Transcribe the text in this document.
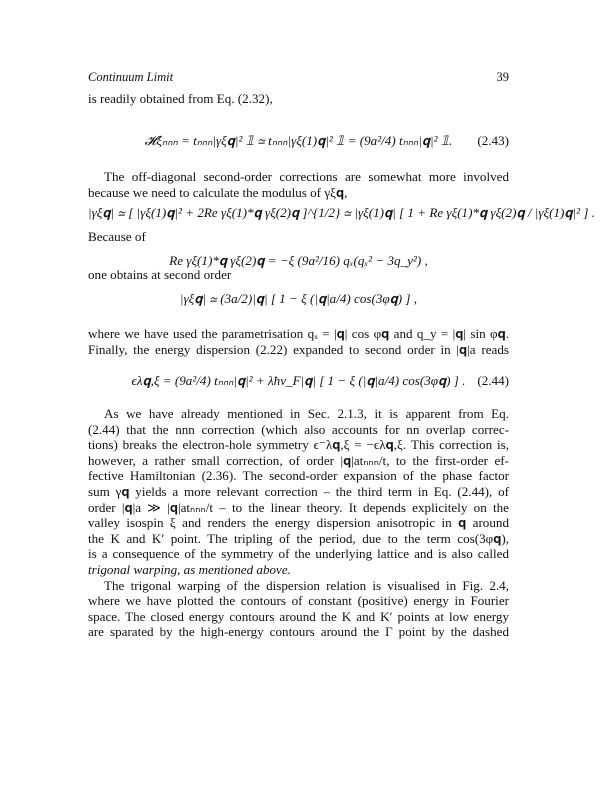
Continuum Limit	39
is readily obtained from Eq. (2.32),
𝓗ξₙₙₙ = tₙₙₙ|γξ𝐪|² 𝟙 ≃ tₙₙₙ|γξ(1)𝐪|² 𝟙 = (9a²/4) tₙₙₙ|𝐪|² 𝟙.	(2.43)
The off-diagonal second-order corrections are somewhat more involved
because we need to calculate the modulus of γξ𝐪,
|γξ𝐪| ≃ [ |γξ(1)𝐪|² + 2Re γξ(1)*𝐪 γξ(2)𝐪 ]^{1/2} ≃ |γξ(1)𝐪| [ 1 + Re γξ(1)*𝐪 γξ(2)𝐪 / |γξ(1)𝐪|² ] .
Because of
Re γξ(1)*𝐪 γξ(2)𝐪 = −ξ (9a²/16) qₓ(qₓ² − 3q_y²) ,
one obtains at second order
|γξ𝐪| ≃ (3a/2)|𝐪| [ 1 − ξ (|𝐪|a/4) cos(3φ𝐪) ] ,
where we have used the parametrisation qₓ = |𝐪| cos φ𝐪 and q_y = |𝐪| sin φ𝐪.
Finally, the energy dispersion (2.22) expanded to second order in |𝐪|a reads
ϵλ𝐪,ξ = (9a²/4) tₙₙₙ|𝐪|² + λħv_F|𝐪| [ 1 − ξ (|𝐪|a/4) cos(3φ𝐪) ] . (2.44)
As we have already mentioned in Sec. 2.1.3, it is apparent from Eq.
(2.44) that the nnn correction (which also accounts for nn overlap correc-
tions) breaks the electron-hole symmetry ϵ⁻λ𝐪,ξ = −ϵλ𝐪,ξ. This correction is,
however, a rather small correction, of order |𝐪|atₙₙₙ/t, to the first-order ef-
fective Hamiltonian (2.36). The second-order expansion of the phase factor
sum γ𝐪 yields a more relevant correction – the third term in Eq. (2.44), of
order |𝐪|a ≫ |𝐪|atₙₙₙ/t – to the linear theory. It depends explicitely on the
valley isospin ξ and renders the energy dispersion anisotropic in 𝐪 around
the K and K′ point. The tripling of the period, due to the term cos(3φ𝐪),
is a consequence of the symmetry of the underlying lattice and is also called
trigonal warping, as mentioned above.
The trigonal warping of the dispersion relation is visualised in Fig. 2.4,
where we have plotted the contours of constant (positive) energy in Fourier
space. The closed energy contours around the K and K′ points at low energy
are sparated by the high-energy contours around the Γ point by the dashed
